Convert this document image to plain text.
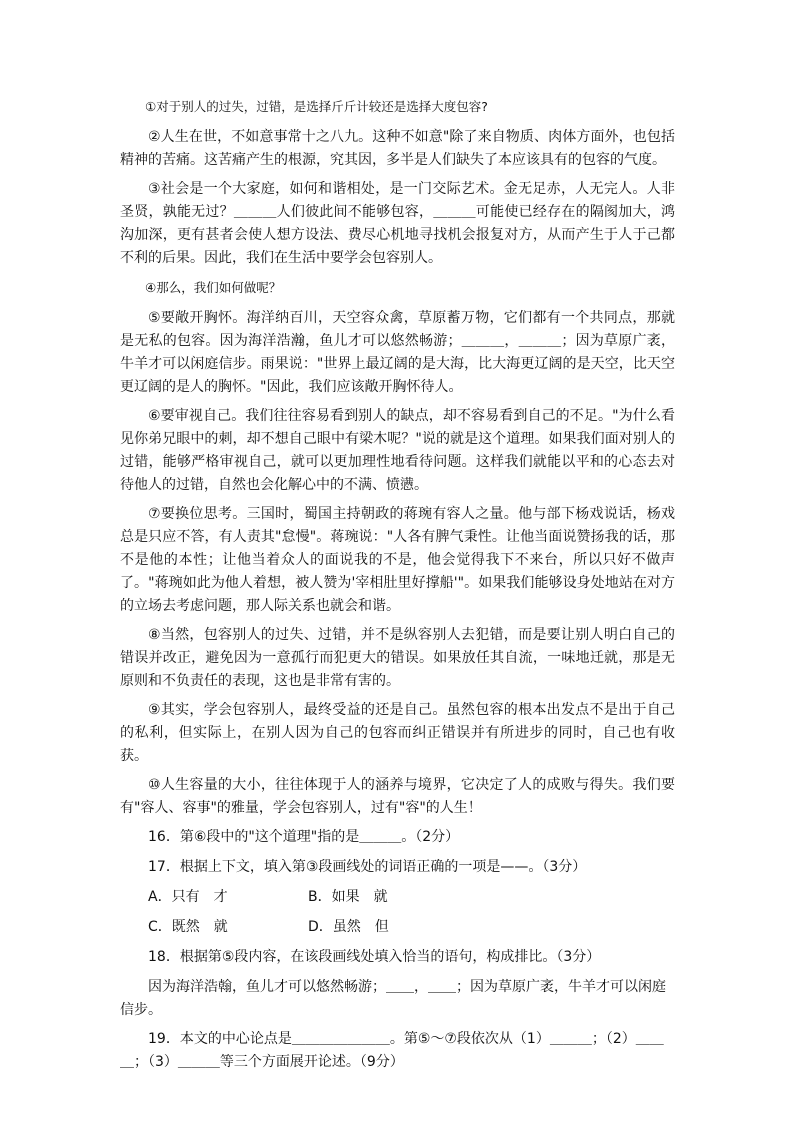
①对于别人的过失，过错，是选择斤斤计较还是选择大度包容?

②人生在世，不如意事常十之八九。这种不如意"除了来自物质、肉体方面外，也包括精神的苦痛。这苦痛产生的根源，究其因，多半是人们缺失了本应该具有的包容的气度。

③社会是一个大家庭，如何和谐相处，是一门交际艺术。金无足赤，人无完人。人非圣贤，孰能无过？＿＿＿人们彼此间不能够包容，＿＿＿可能使已经存在的隔阂加大，鸿沟加深，更有甚者会使人想方设法、费尽心机地寻找机会报复对方，从而产生于人于己都不利的后果。因此，我们在生活中要学会包容别人。

④那么，我们如何做呢？

⑤要敞开胸怀。海洋纳百川，天空容众禽，草原蓄万物，它们都有一个共同点，那就是无私的包容。因为海洋浩瀚，鱼儿才可以悠然畅游；＿＿＿，＿＿＿；因为草原广袤，牛羊才可以闲庭信步。雨果说："世界上最辽阔的是大海，比大海更辽阔的是天空，比天空更辽阔的是人的胸怀。"因此，我们应该敞开胸怀待人。

⑥要审视自己。我们往往容易看到别人的缺点，却不容易看到自己的不足。"为什么看见你弟兄眼中的刺，却不想自己眼中有梁木呢？"说的就是这个道理。如果我们面对别人的过错，能够严格审视自己，就可以更加理性地看待问题。这样我们就能以平和的心态去对待他人的过错，自然也会化解心中的不满、愤懑。

⑦要换位思考。三国时，蜀国主持朝政的蒋琬有容人之量。他与部下杨戏说话，杨戏总是只应不答，有人责其"怠慢"。蒋琬说："人各有脾气秉性。让他当面说赞扬我的话，那不是他的本性；让他当着众人的面说我的不是，他会觉得我下不来台，所以只好不做声了。"蒋琬如此为他人着想，被人赞为'宰相肚里好撑船'"。如果我们能够设身处地站在对方的立场去考虑问题，那人际关系也就会和谐。

⑧当然，包容别人的过失、过错，并不是纵容别人去犯错，而是要让别人明白自己的错误并改正，避免因为一意孤行而犯更大的错误。如果放任其自流，一味地迁就，那是无原则和不负责任的表现，这也是非常有害的。

⑨其实，学会包容别人，最终受益的还是自己。虽然包容的根本出发点不是出于自己的私利，但实际上，在别人因为自己的包容而纠正错误并有所进步的同时，自己也有收获。

⑩人生容量的大小，往往体现于人的涵养与境界，它决定了人的成败与得失。我们要有"容人、容事"的雅量，学会包容别人，过有"容"的人生！

16．第⑥段中的"这个道理"指的是＿＿＿。（2分）

17．根据上下文，填入第③段画线处的词语正确的一项是——。（3分）

A．只有　才	B．如果　就
C．既然　就	D．虽然　但

18．根据第⑤段内容，在该段画线处填入恰当的语句，构成排比。（3分）

因为海洋浩翰，鱼儿才可以悠然畅游；＿＿，＿＿；因为草原广袤，牛羊才可以闲庭信步。

19．本文的中心论点是＿＿＿＿＿＿＿。第⑤～⑦段依次从（1）＿＿＿；（2）＿＿＿；（3）＿＿＿等三个方面展开论述。（9分）
